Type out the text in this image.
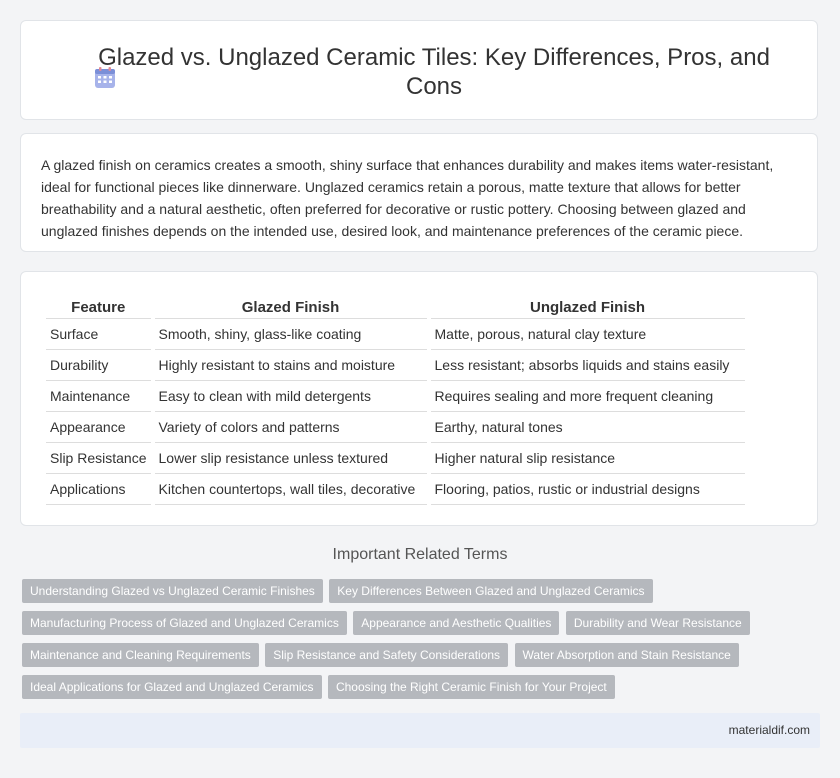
Glazed vs. Unglazed Ceramic Tiles: Key Differences, Pros, and Cons

A glazed finish on ceramics creates a smooth, shiny surface that enhances durability and makes items water-resistant, ideal for functional pieces like dinnerware. Unglazed ceramics retain a porous, matte texture that allows for better breathability and a natural aesthetic, often preferred for decorative or rustic pottery. Choosing between glazed and unglazed finishes depends on the intended use, desired look, and maintenance preferences of the ceramic piece.

Feature	Glazed Finish	Unglazed Finish
Surface	Smooth, shiny, glass-like coating	Matte, porous, natural clay texture
Durability	Highly resistant to stains and moisture	Less resistant; absorbs liquids and stains easily
Maintenance	Easy to clean with mild detergents	Requires sealing and more frequent cleaning
Appearance	Variety of colors and patterns	Earthy, natural tones
Slip Resistance	Lower slip resistance unless textured	Higher natural slip resistance
Applications	Kitchen countertops, wall tiles, decorative	Flooring, patios, rustic or industrial designs
Important Related Terms
Understanding Glazed vs Unglazed Ceramic Finishes Key Differences Between Glazed and Unglazed Ceramics Manufacturing Process of Glazed and Unglazed Ceramics Appearance and Aesthetic Qualities Durability and Wear Resistance Maintenance and Cleaning Requirements Slip Resistance and Safety Considerations Water Absorption and Stain Resistance Ideal Applications for Glazed and Unglazed Ceramics Choosing the Right Ceramic Finish for Your Project
materialdif.com
